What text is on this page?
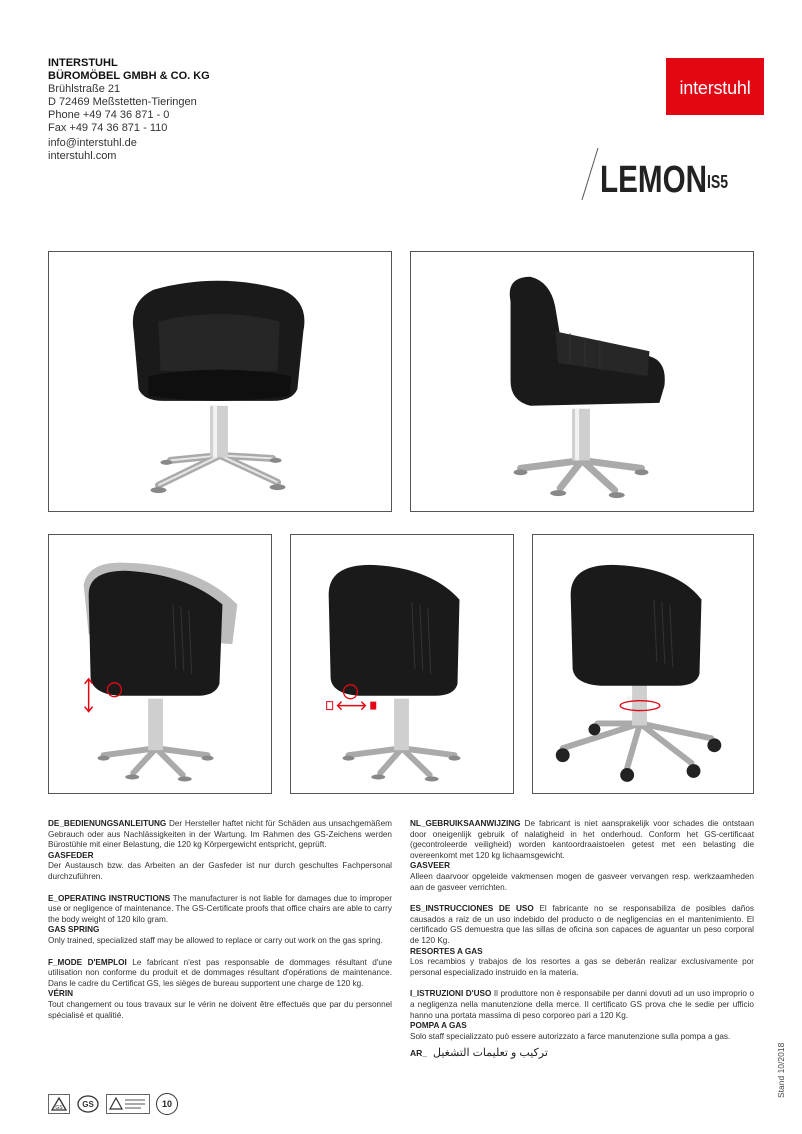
INTERSTUHL
BÜROMÖBEL GMBH & CO. KG
Brühlstraße 21
D 72469 Meßstetten-Tieringen
Phone +49 74 36 871 - 0
Fax +49 74 36 871 - 110
info@interstuhl.de
interstuhl.com
interstuhl
$LEMON^{IS5}$
DE_BEDIENUNGSANLEITUNG Der Hersteller haftet nicht für Schäden aus unsachgemäßem Gebrauch oder aus Nachlässigkeiten in der Wartung. Im Rahmen des GS-Zeichens werden Bürostühle mit einer Belastung, die 120 kg Körpergewicht entspricht, geprüft.
GASFEDER
Der Austausch bzw. das Arbeiten an der Gasfeder ist nur durch geschultes Fachpersonal durchzuführen.
E_OPERATING INSTRUCTIONS The manufacturer is not liable for damages due to improper use or negligence of maintenance. The GS-Certificate proofs that office chairs are able to carry the body weight of 120 kilo gram.
GAS SPRING
Only trained, specialized staff may be allowed to replace or carry out work on the gas spring.
F_MODE D'EMPLOI Le fabricant n'est pas responsable de dommages résultant d'une utilisation non conforme du produit et de dommages résultant d'opérations de maintenance. Dans le cadre du Certificat GS, les sièges de bureau supportent une charge de 120 kg.
VÉRIN
Tout changement ou tous travaux sur le vérin ne doivent être effectués que par du personnel spécialisé et qualitié.
NL_GEBRUIKSAANWIJZING De fabricant is niet aansprakelijk voor schades die ontstaan door oneigenlijk gebruik of nalatigheid in het onderhoud. Conform het GS-certificaat (gecontroleerde veiligheid) worden kantoordraaistoelen getest met een belasting die overeenkomt met 120 kg lichaamsgewicht.
GASVEER
Alleen daarvoor opgeleide vakmensen mogen de gasveer vervangen resp. werkzaamheden aan de gasveer verrichten.
ES_INSTRUCCIONES DE USO El fabricante no se responsabiliza de posibles daños causados a raiz de un uso indebido del producto o de negligencias en el mantenimiento. El certificado GS demuestra que las sillas de oficina son capaces de aguantar un peso corporal de 120 Kg.
RESORTES A GAS
Los recambios y trabajos de los resortes a gas se deberán realizar exclusivamente por personal especializado instruido en la materia.
I_ISTRUZIONI D'USO Il produttore non è responsabile per danni dovuti ad un uso improprio o a negligenza nella manutenzione della merce. Il certificato GS prova che le sedie per ufficio hanno una portata massima di peso corporeo pari a 120 Kg.
POMPA A GAS
Solo staff specializzato può essere autorizzato a farce manutenzione sulla pompa a gas.
AR_ تركيب و تعليمات التشغيل	Stand 10/2018
GS GS	10
